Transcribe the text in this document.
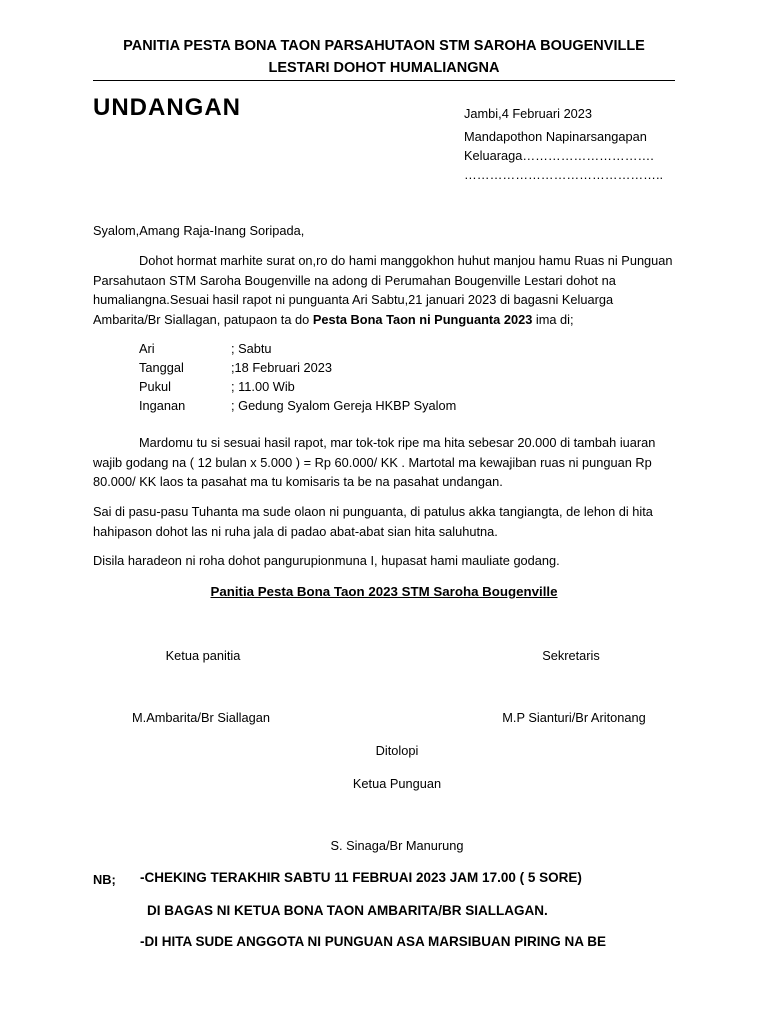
PANITIA PESTA BONA TAON PARSAHUTAON STM SAROHA BOUGENVILLE
LESTARI DOHOT HUMALIANGNA
UNDANGAN	Jambi,4 Februari 2023
Mandapothon Napinarsangapan
Keluaraga………………………….
………………………………………..
Syalom,Amang Raja-Inang Soripada,
Dohot hormat marhite surat on,ro do hami manggokhon huhut manjou hamu Ruas ni Punguan Parsahutaon STM Saroha Bougenville na adong di Perumahan Bougenville Lestari dohot na humaliangna.Sesuai hasil rapot ni punguanta Ari Sabtu,21 januari 2023 di bagasni Keluarga Ambarita/Br Siallagan, patupaon ta do Pesta Bona Taon ni Punguanta 2023 ima di;
Ari	; Sabtu
Tanggal	;18 Februari 2023
Pukul	; 11.00 Wib
Inganan	; Gedung Syalom Gereja HKBP Syalom
Mardomu tu si sesuai hasil rapot, mar tok-tok ripe ma hita sebesar 20.000 di tambah iuaran wajib godang na ( 12 bulan x 5.000 ) = Rp 60.000/ KK . Martotal ma kewajiban ruas ni punguan Rp 80.000/ KK laos ta pasahat ma tu komisaris ta be na pasahat undangan.
Sai di pasu-pasu Tuhanta ma sude olaon ni punguanta, di patulus akka tangiangta, de lehon di hita hahipason dohot las ni ruha jala di padao abat-abat sian hita saluhutna.
Disila haradeon ni roha dohot pangurupionmuna I, hupasat hami mauliate godang.
Panitia Pesta Bona Taon 2023 STM Saroha Bougenville
Ketua panitia	Sekretaris
M.Ambarita/Br Siallagan	M.P Sianturi/Br Aritonang
Ditolopi
Ketua Punguan
S. Sinaga/Br Manurung
NB; -CHEKING TERAKHIR SABTU 11 FEBRUAI 2023 JAM 17.00 ( 5 SORE)
DI BAGAS NI KETUA BONA TAON AMBARITA/BR SIALLAGAN.
-DI HITA SUDE ANGGOTA NI PUNGUAN ASA MARSIBUAN PIRING NA BE
